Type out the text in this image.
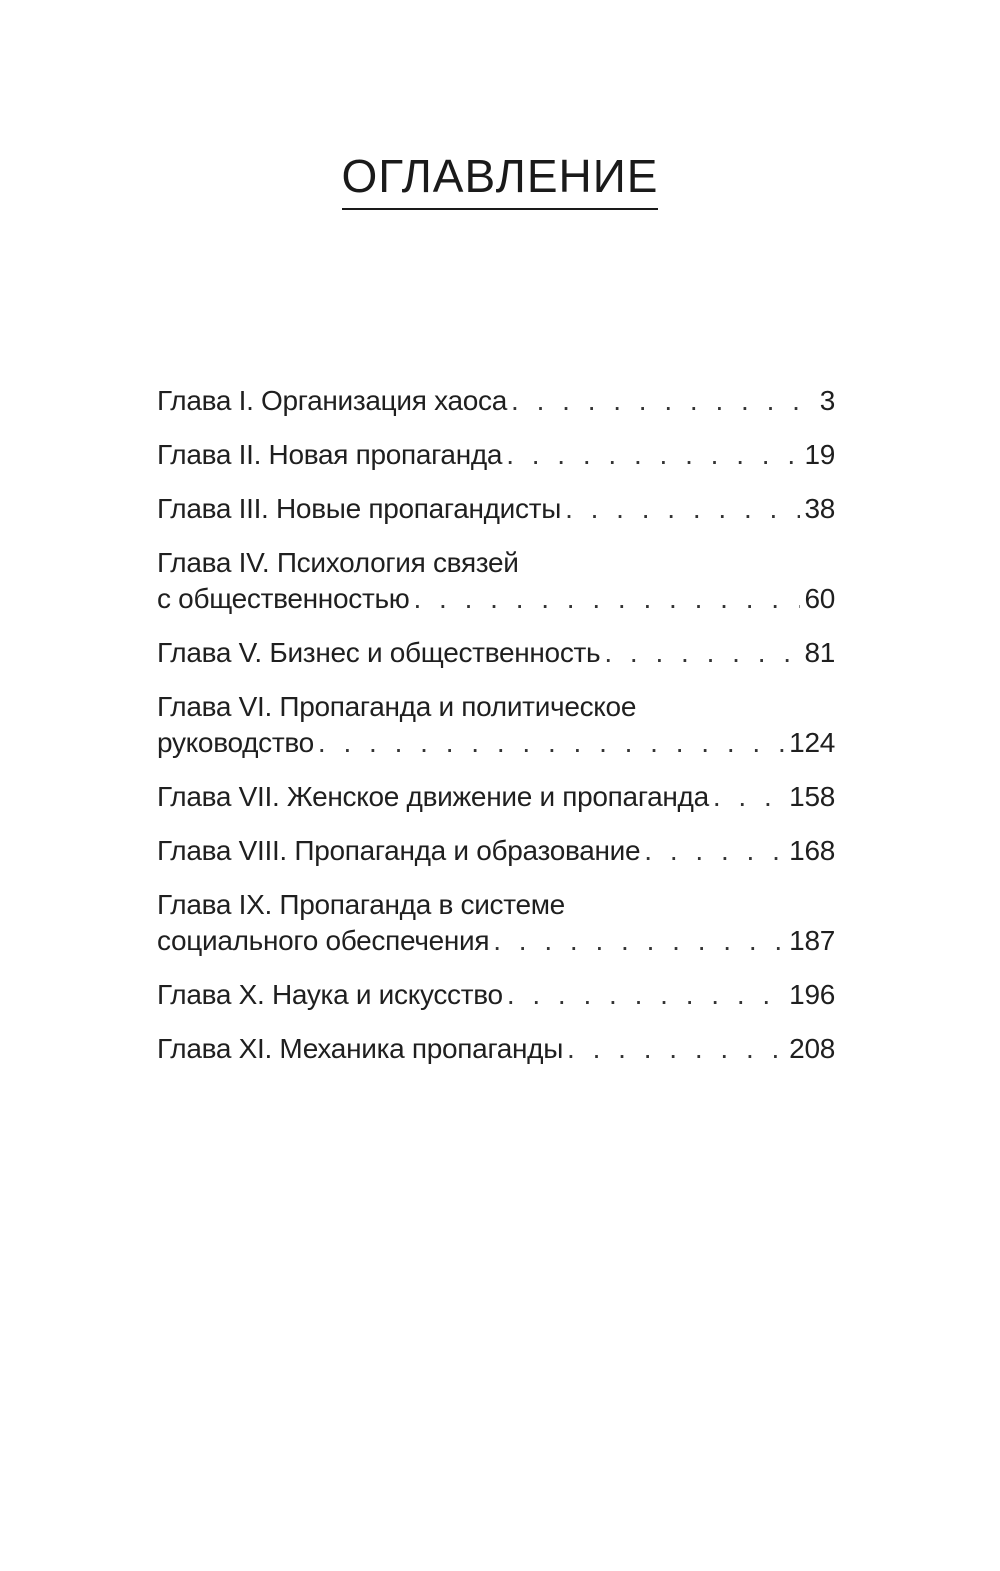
ОГЛАВЛЕНИЕ
Глава I. Организация хаоса . . .	3
Глава II. Новая пропаганда . . .	19
Глава III. Новые пропагандисты . . .	38
Глава IV. Психология связей
с общественностью . . .	60
Глава V. Бизнес и общественность . . .	81
Глава VI. Пропаганда и политическое
руководство . . .	124
Глава VII. Женское движение и пропаганда . . .	158
Глава VIII. Пропаганда и образование . . .	168
Глава IX. Пропаганда в системе
социального обеспечения . . .	187
Глава X. Наука и искусство . . .	196
Глава XI. Механика пропаганды . . .	208
